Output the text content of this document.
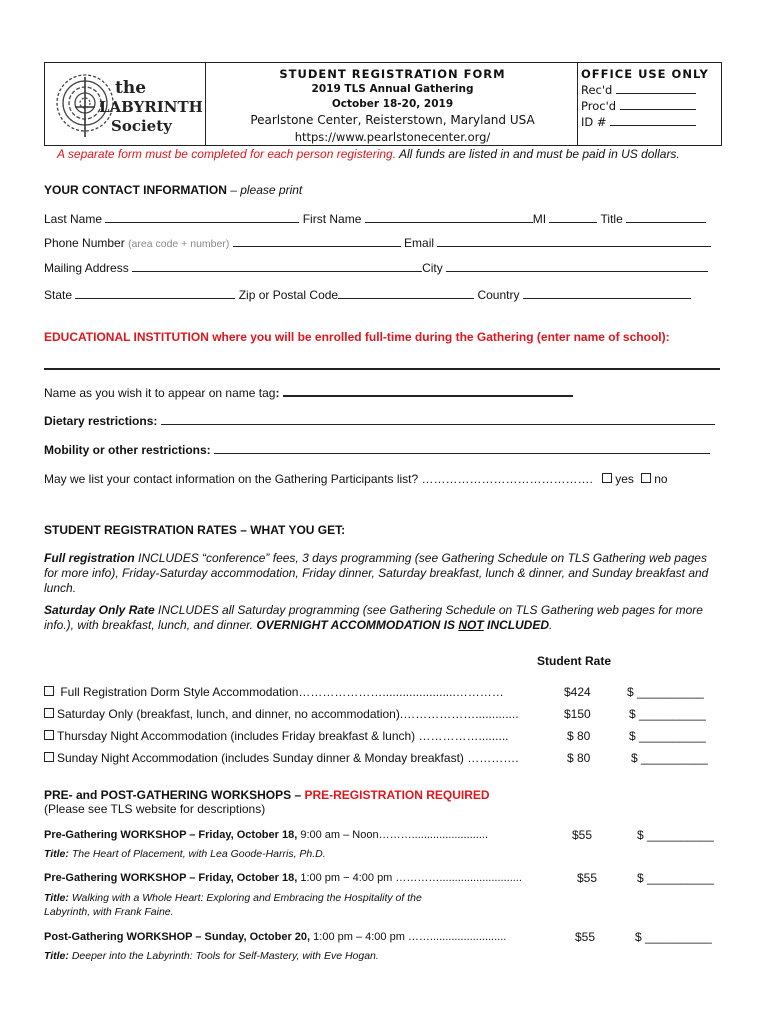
the
LABYRINTH
Society
STUDENT REGISTRATION FORM
2019 TLS Annual Gathering
October 18-20, 2019
Pearlstone Center, Reisterstown, Maryland USA
https://www.pearlstonecenter.org/
OFFICE USE ONLY
Rec'd
Proc'd
ID #
A separate form must be completed for each person registering. All funds are listed in and must be paid in US dollars.
YOUR CONTACT INFORMATION – please print
Last Name	First Name	MI	Title
Phone Number (area code + number)	Email
Mailing Address	City
State	Zip or Postal Code	Country
EDUCATIONAL INSTITUTION where you will be enrolled full-time during the Gathering (enter name of school):
Name as you wish it to appear on name tag:
Dietary restrictions:
Mobility or other restrictions:
May we list your contact information on the Gathering Participants list? ……………………………………. yes no
STUDENT REGISTRATION RATES – WHAT YOU GET:
Full registration INCLUDES “conference” fees, 3 days programming (see Gathering Schedule on TLS Gathering web pages for more info), Friday-Saturday accommodation, Friday dinner, Saturday breakfast, lunch & dinner, and Sunday breakfast and lunch.
Saturday Only Rate INCLUDES all Saturday programming (see Gathering Schedule on TLS Gathering web pages for more info.), with breakfast, lunch, and dinner. OVERNIGHT ACCOMMODATION IS NOT INCLUDED.
Student Rate
Full Registration Dorm Style Accommodation…………………......................…………	$424	$ __________
Saturday Only (breakfast, lunch, and dinner, no accommodation).……………….............	$150	$ __________
Thursday Night Accommodation (includes Friday breakfast & lunch) …………….........	$ 80	$ __________
Sunday Night Accommodation (includes Sunday dinner & Monday breakfast) ………….	$ 80	$ __________
PRE- and POST-GATHERING WORKSHOPS – PRE-REGISTRATION REQUIRED
(Please see TLS website for descriptions)
Pre-Gathering WORKSHOP – Friday, October 18, 9:00 am – Noon……….........................	$55	$ __________
Title: The Heart of Placement, with Lea Goode-Harris, Ph.D.
Pre-Gathering WORKSHOP – Friday, October 18, 1:00 pm − 4:00 pm …………...........................	$55	$ __________
Title: Walking with a Whole Heart: Exploring and Embracing the Hospitality of the
Labyrinth, with Frank Faine.
Post-Gathering WORKSHOP – Sunday, October 20, 1:00 pm – 4:00 pm …….........................	$55	$ __________
Title: Deeper into the Labyrinth: Tools for Self-Mastery, with Eve Hogan.
